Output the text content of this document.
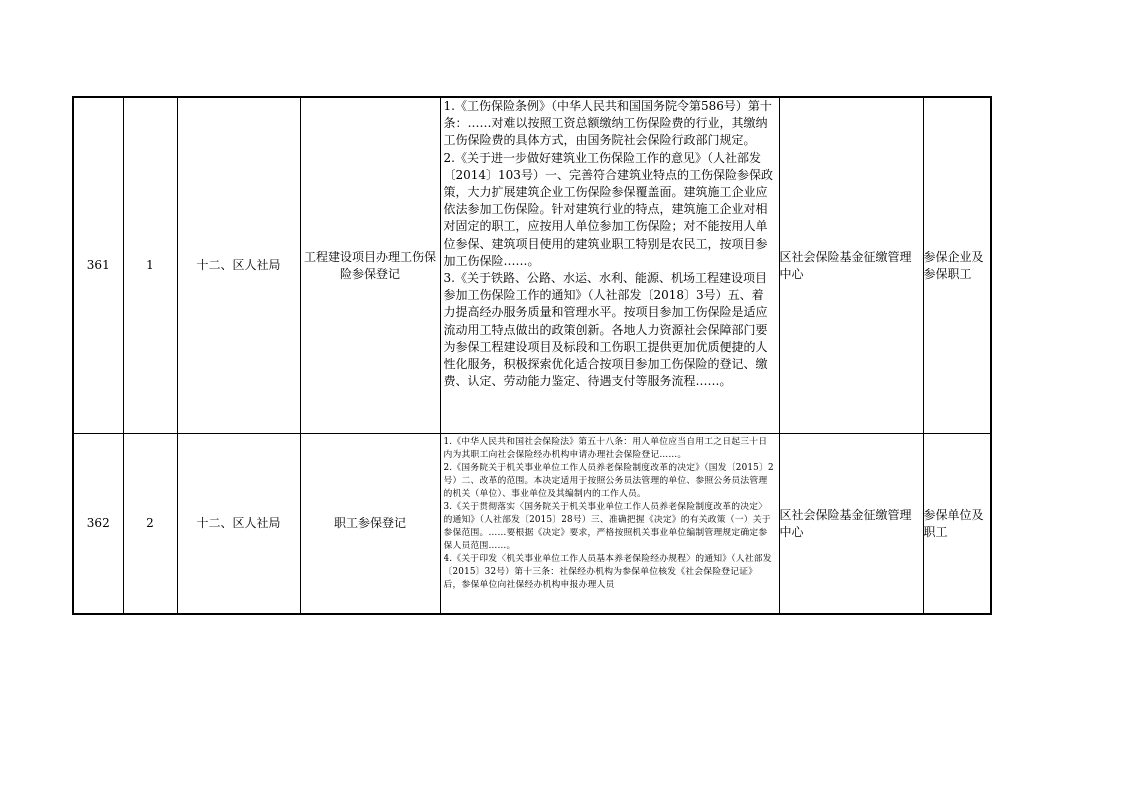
361	1	十二、区人社局	工程建设项目办理工伤保险参保登记	1.《工伤保险条例》（中华人民共和国国务院令第586号）第十条：……对难以按照工资总额缴纳工伤保险费的行业，其缴纳工伤保险费的具体方式，由国务院社会保险行政部门规定。
2.《关于进一步做好建筑业工伤保险工作的意见》（人社部发〔2014〕103号）一、完善符合建筑业特点的工伤保险参保政策，大力扩展建筑企业工伤保险参保覆盖面。建筑施工企业应依法参加工伤保险。针对建筑行业的特点，建筑施工企业对相对固定的职工，应按用人单位参加工伤保险；对不能按用人单位参保、建筑项目使用的建筑业职工特别是农民工，按项目参加工伤保险……。
3.《关于铁路、公路、水运、水利、能源、机场工程建设项目参加工伤保险工作的通知》（人社部发〔2018〕3号）五、着力提高经办服务质量和管理水平。按项目参加工伤保险是适应流动用工特点做出的政策创新。各地人力资源社会保障部门要为参保工程建设项目及标段和工伤职工提供更加优质便捷的人性化服务，积极探索优化适合按项目参加工伤保险的登记、缴费、认定、劳动能力鉴定、待遇支付等服务流程……。	区社会保险基金征缴管理中心	参保企业及参保职工
362	2	十二、区人社局	职工参保登记	1.《中华人民共和国社会保险法》第五十八条：用人单位应当自用工之日起三十日内为其职工向社会保险经办机构申请办理社会保险登记……。
2.《国务院关于机关事业单位工作人员养老保险制度改革的决定》（国发〔2015〕2号）二、改革的范围。本决定适用于按照公务员法管理的单位、参照公务员法管理的机关（单位）、事业单位及其编制内的工作人员。
3.《关于贯彻落实〈国务院关于机关事业单位工作人员养老保险制度改革的决定〉的通知》（人社部发〔2015〕28号）三、准确把握《决定》的有关政策（一）关于参保范围。……要根据《决定》要求，严格按照机关事业单位编制管理规定确定参保人员范围……。
4.《关于印发〈机关事业单位工作人员基本养老保险经办规程〉的通知》（人社部发〔2015〕32号）第十三条：社保经办机构为参保单位核发《社会保险登记证》后，参保单位向社保经办机构申报办理人员	区社会保险基金征缴管理中心	参保单位及职工
